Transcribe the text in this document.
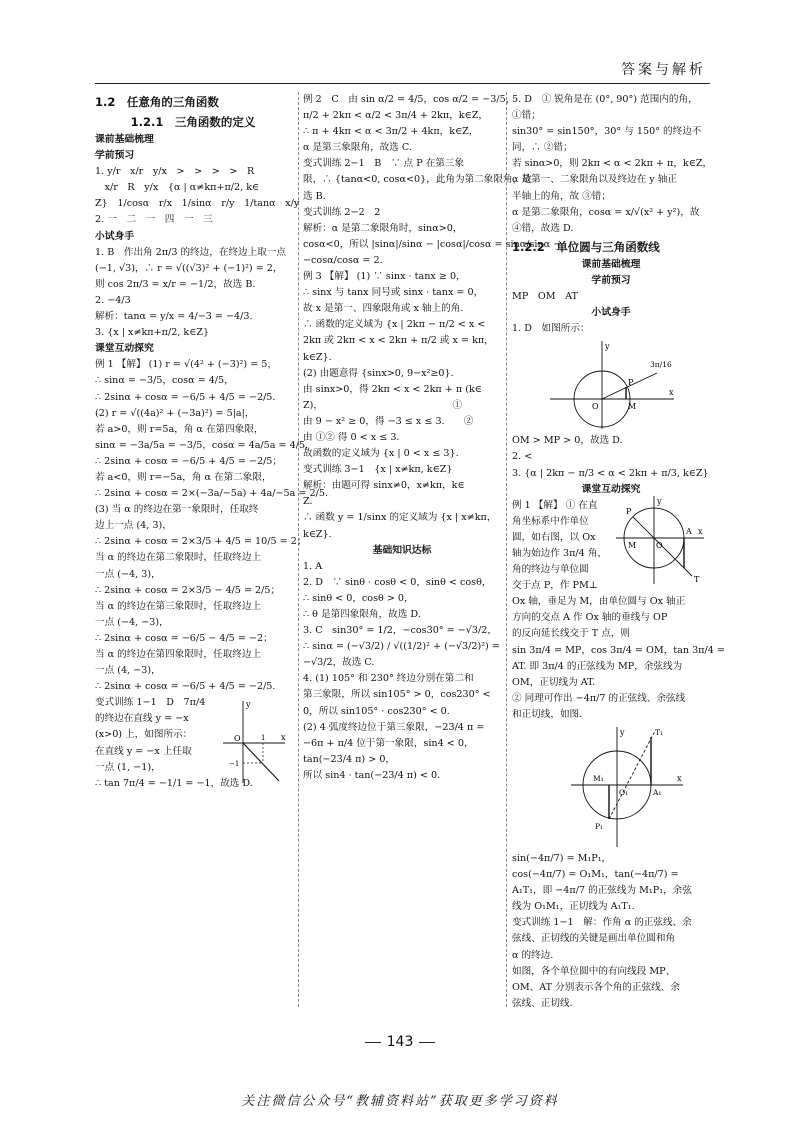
答案与解析
1.2　任意角的三角函数
1.2.1　三角函数的定义
课前基础梳理
学前预习
1. y/r　x/r　y/x　>　>　>　>　R
　x/r　R　y/x　{α | α≠kπ+π/2, k∈
Z}　1/cosα　r/x　1/sinα　r/y　1/tanα　x/y
2. 一　二　一　四　一　三
小试身手
1. B　作出角 2π/3 的终边，在终边上取一点
(−1, √3)，∴ r = √((√3)² + (−1)²) = 2，
则 cos 2π/3 = x/r = −1/2，故选 B.
2. −4/3
解析：tanα = y/x = 4/−3 = −4/3.
3. {x | x≠kπ+π/2, k∈Z}
课堂互动探究
例 1 【解】 (1) r = √(4² + (−3)²) = 5，
∴ sinα = −3/5，cosα = 4/5，
∴ 2sinα + cosα = −6/5 + 4/5 = −2/5.
(2) r = √((4a)² + (−3a)²) = 5|a|，
若 a>0，则 r=5a，角 α 在第四象限，
sinα = −3a/5a = −3/5，cosα = 4a/5a = 4/5，
∴ 2sinα + cosα = −6/5 + 4/5 = −2/5；
若 a<0，则 r=−5a，角 α 在第二象限，
∴ 2sinα + cosα = 2×(−3a/−5a) + 4a/−5a = 2/5.
(3) 当 α 的终边在第一象限时，任取终
边上一点 (4, 3)，
∴ 2sinα + cosα = 2×3/5 + 4/5 = 10/5 = 2；
当 α 的终边在第二象限时，任取终边上
一点 (−4, 3)，
∴ 2sinα + cosα = 2×3/5 − 4/5 = 2/5；
当 α 的终边在第三象限时，任取终边上
一点 (−4, −3)，
∴ 2sinα + cosα = −6/5 − 4/5 = −2；
当 α 的终边在第四象限时，任取终边上
一点 (4, −3)，
∴ 2sinα + cosα = −6/5 + 4/5 = −2/5.
变式训练 1−1　D　7π/4
的终边在直线 y = −x
(x>0) 上，如图所示：
在直线 y = −x 上任取
一点 (1, −1)，
∴ tan 7π/4 = −1/1 = −1，故选 D.
y
x
O	1
−1
例 2　C　由 sin α/2 = 4/5，cos α/2 = −3/5，
π/2 + 2kπ < α/2 < 3π/4 + 2kπ，k∈Z，
∴ π + 4kπ < α < 3π/2 + 4kπ，k∈Z，
α 是第三象限角，故选 C.
变式训练 2−1　B　∵ 点 P 在第三象
限，∴ {tanα<0, cosα<0}，此角为第二象限角，故
选 B.
变式训练 2−2　2
解析：α 是第二象限角时，sinα>0，
cosα<0，所以 |sinα|/sinα − |cosα|/cosα = sinα/sinα −
−cosα/cosα = 2.
例 3 【解】 (1) ∵ sinx · tanx ≥ 0，
∴ sinx 与 tanx 同号或 sinx · tanx = 0，
故 x 是第一、四象限角或 x 轴上的角.
∴ 函数的定义域为 {x | 2kπ − π/2 < x <
2kπ 或 2kπ < x < 2kπ + π/2 或 x = kπ，
k∈Z}.
(2) 由题意得 {sinx>0, 9−x²≥0}.
由 sinx>0，得 2kπ < x < 2kπ + π (k∈
Z)，　　　　　　　　　　　　　　①
由 9 − x² ≥ 0，得 −3 ≤ x ≤ 3.　　②
由 ①② 得 0 < x ≤ 3.
故函数的定义域为 {x | 0 < x ≤ 3}.
变式训练 3−1　{x | x≠kπ, k∈Z}
解析：由题可得 sinx≠0，x≠kπ，k∈
Z.
∴ 函数 y = 1/sinx 的定义域为 {x | x≠kπ，
k∈Z}.
基础知识达标
1. A
2. D　∵ sinθ · cosθ < 0，sinθ < cosθ，
∴ sinθ < 0，cosθ > 0，
∴ θ 是第四象限角，故选 D.
3. C　sin30° = 1/2，−cos30° = −√3/2，
∴ sinα = (−√3/2) / √((1/2)² + (−√3/2)²) =
−√3/2，故选 C.
4. (1) 105° 和 230° 终边分别在第二和
第三象限，所以 sin105° > 0，cos230° <
0，所以 sin105° · cos230° < 0.
(2) 4 弧度终边位于第三象限，−23/4 π =
−6π + π/4 位于第一象限，sin4 < 0，
tan(−23/4 π) > 0，
所以 sin4 · tan(−23/4 π) < 0.
5. D　① 锐角是在 (0°, 90°) 范围内的角，
①错；
sin30° = sin150°，30° 与 150° 的终边不
同，∴ ②错；
若 sinα>0，则 2kπ < α < 2kπ + π，k∈Z，
α 是第一、二象限角以及终边在 y 轴正
半轴上的角，故 ③错；
α 是第二象限角，cosα = x/√(x² + y²)，故
④错，故选 D.
1.2.2　单位圆与三角函数线
课前基础梳理
学前预习
MP　OM　AT
小试身手
1. D　如图所示：
y
x
O
P
M
3π/16
OM > MP > 0，故选 D.
2. <
3. {α | 2kπ − π/3 < α < 2kπ + π/3, k∈Z}
课堂互动探究
例 1 【解】 ① 在直
角坐标系中作单位
圆，如右图，以 Ox
轴为始边作 3π/4 角，
角的终边与单位圆
交于点 P，作 PM⊥
Ox 轴，垂足为 M，由单位圆与 Ox 轴正
方向的交点 A 作 Ox 轴的垂线与 OP
的反向延长线交于 T 点，则
sin 3π/4 = MP，cos 3π/4 = OM，tan 3π/4 =
AT. 即 3π/4 的正弦线为 MP，余弦线为
OM，正切线为 AT.
② 同理可作出 −4π/7 的正弦线、余弦线
和正切线，如图.
y
x
O
P
M
A
T
y
x
O₁
M₁
A₁
P₁
T₁
sin(−4π/7) = M₁P₁，
cos(−4π/7) = O₁M₁，tan(−4π/7) =
A₁T₁，即 −4π/7 的正弦线为 M₁P₁，余弦
线为 O₁M₁，正切线为 A₁T₁.
变式训练 1−1　解：作角 α 的正弦线、余
弦线、正切线的关键是画出单位圆和角
α 的终边.
如图，各个单位圆中的有向线段 MP、
OM、AT 分别表示各个角的正弦线、余
弦线、正切线.
143
关注微信公众号“教辅资料站”获取更多学习资料
